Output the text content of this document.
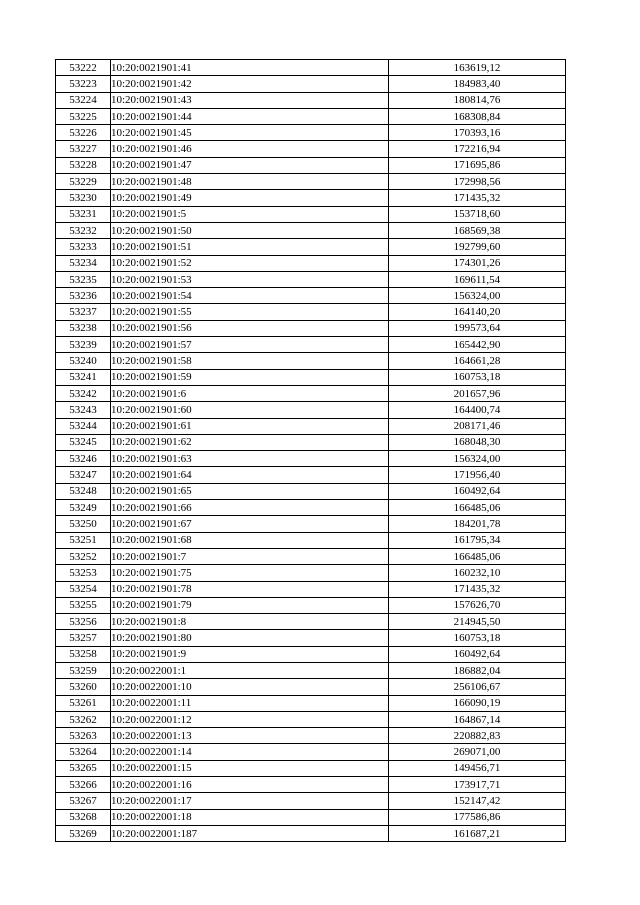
53222	10:20:0021901:41	163619,12
53223	10:20:0021901:42	184983,40
53224	10:20:0021901:43	180814,76
53225	10:20:0021901:44	168308,84
53226	10:20:0021901:45	170393,16
53227	10:20:0021901:46	172216,94
53228	10:20:0021901:47	171695,86
53229	10:20:0021901:48	172998,56
53230	10:20:0021901:49	171435,32
53231	10:20:0021901:5	153718,60
53232	10:20:0021901:50	168569,38
53233	10:20:0021901:51	192799,60
53234	10:20:0021901:52	174301,26
53235	10:20:0021901:53	169611,54
53236	10:20:0021901:54	156324,00
53237	10:20:0021901:55	164140,20
53238	10:20:0021901:56	199573,64
53239	10:20:0021901:57	165442,90
53240	10:20:0021901:58	164661,28
53241	10:20:0021901:59	160753,18
53242	10:20:0021901:6	201657,96
53243	10:20:0021901:60	164400,74
53244	10:20:0021901:61	208171,46
53245	10:20:0021901:62	168048,30
53246	10:20:0021901:63	156324,00
53247	10:20:0021901:64	171956,40
53248	10:20:0021901:65	160492,64
53249	10:20:0021901:66	166485,06
53250	10:20:0021901:67	184201,78
53251	10:20:0021901:68	161795,34
53252	10:20:0021901:7	166485,06
53253	10:20:0021901:75	160232,10
53254	10:20:0021901:78	171435,32
53255	10:20:0021901:79	157626,70
53256	10:20:0021901:8	214945,50
53257	10:20:0021901:80	160753,18
53258	10:20:0021901:9	160492,64
53259	10:20:0022001:1	186882,04
53260	10:20:0022001:10	256106,67
53261	10:20:0022001:11	166090,19
53262	10:20:0022001:12	164867,14
53263	10:20:0022001:13	220882,83
53264	10:20:0022001:14	269071,00
53265	10:20:0022001:15	149456,71
53266	10:20:0022001:16	173917,71
53267	10:20:0022001:17	152147,42
53268	10:20:0022001:18	177586,86
53269	10:20:0022001:187	161687,21
